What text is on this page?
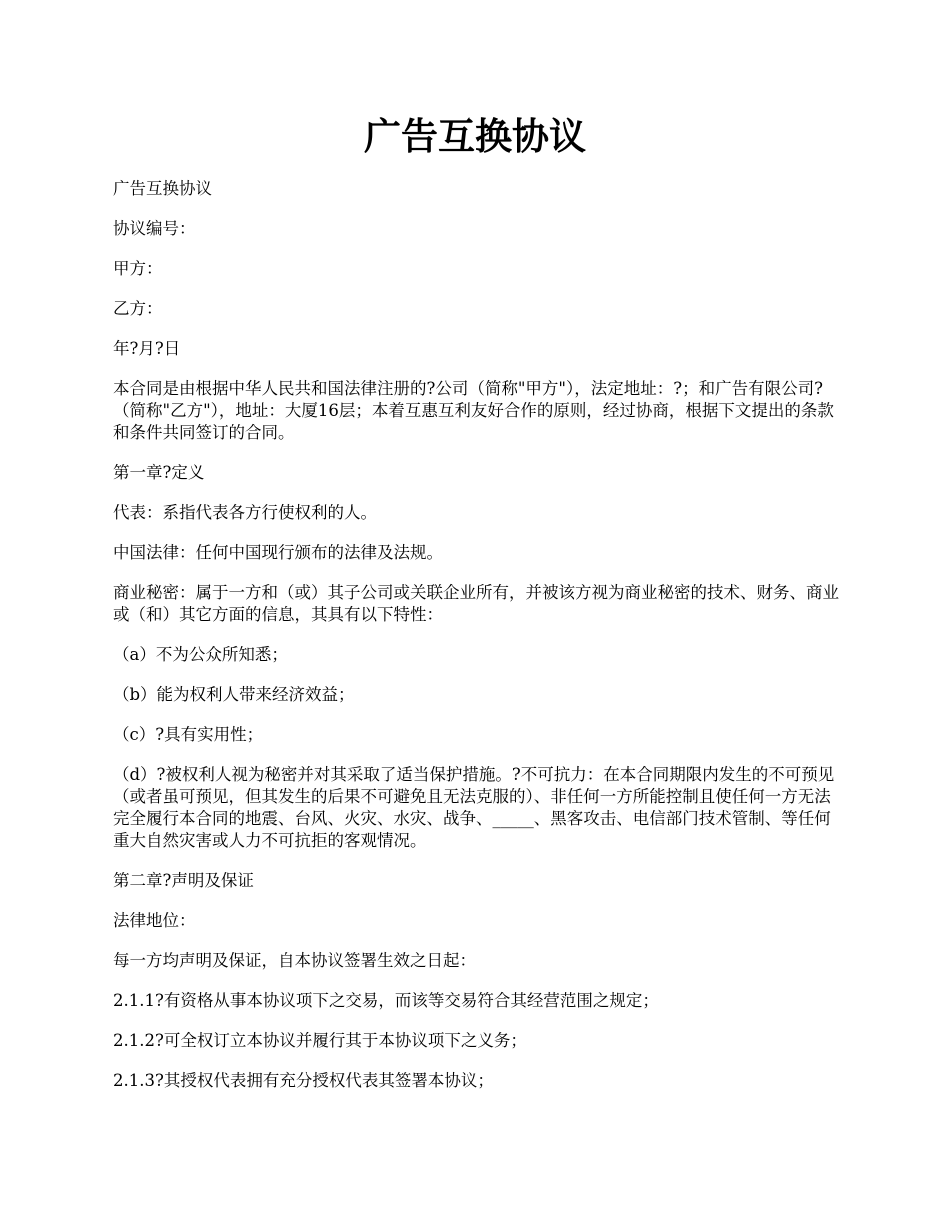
广告互换协议

广告互换协议

协议编号：

甲方：

乙方：

年?月?日

本合同是由根据中华人民共和国法律注册的?公司（简称"甲方"），法定地址：?；和广告有限公司?（简称"乙方"），地址：大厦16层；本着互惠互利友好合作的原则，经过协商，根据下文提出的条款和条件共同签订的合同。

第一章?定义

代表：系指代表各方行使权利的人。

中国法律：任何中国现行颁布的法律及法规。

商业秘密：属于一方和（或）其子公司或关联企业所有，并被该方视为商业秘密的技术、财务、商业或（和）其它方面的信息，其具有以下特性：

（a）不为公众所知悉；

（b）能为权利人带来经济效益；

（c）?具有实用性；

（d）?被权利人视为秘密并对其采取了适当保护措施。?不可抗力：在本合同期限内发生的不可预见（或者虽可预见，但其发生的后果不可避免且无法克服的）、非任何一方所能控制且使任何一方无法完全履行本合同的地震、台风、火灾、水灾、战争、_____、黑客攻击、电信部门技术管制、等任何重大自然灾害或人力不可抗拒的客观情况。

第二章?声明及保证

法律地位：

每一方均声明及保证，自本协议签署生效之日起：

2.1.1?有资格从事本协议项下之交易，而该等交易符合其经营范围之规定；

2.1.2?可全权订立本协议并履行其于本协议项下之义务；

2.1.3?其授权代表拥有充分授权代表其签署本协议；
